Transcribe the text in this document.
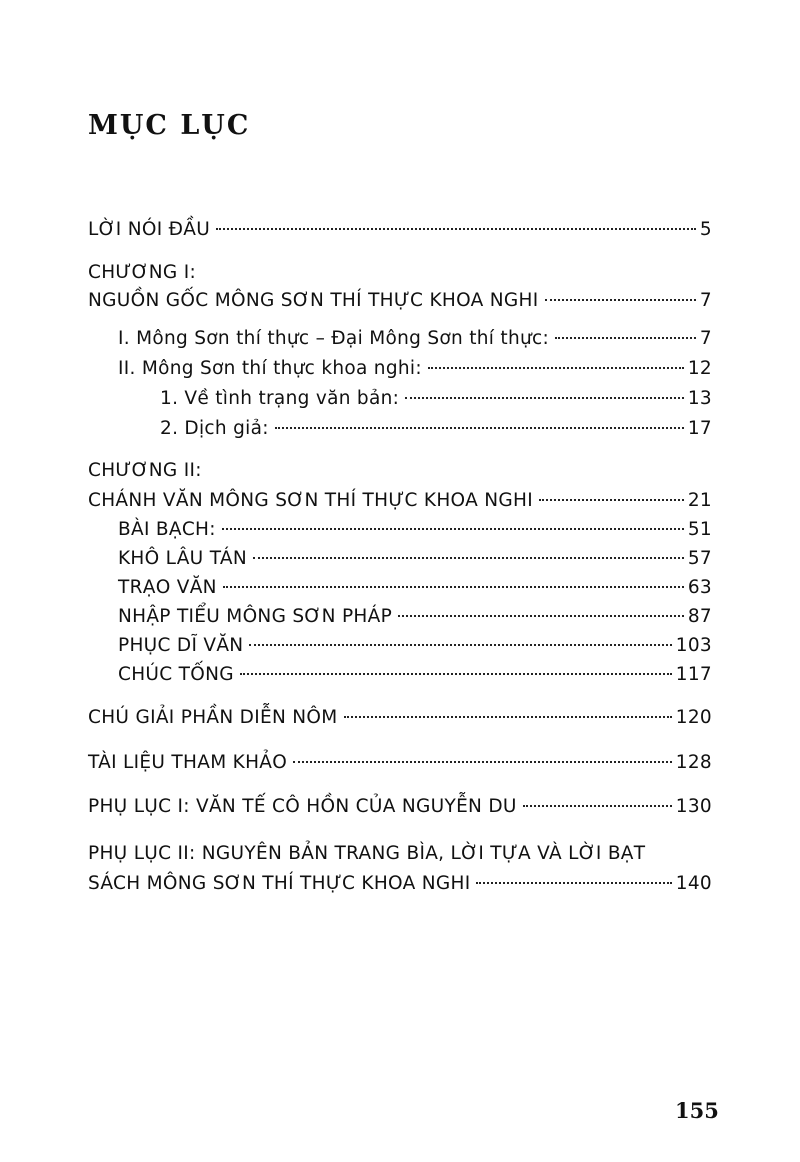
MỤC LỤC
LỜI NÓI ĐẦU	5
CHƯƠNG I:
NGUỒN GỐC MÔNG SƠN THÍ THỰC KHOA NGHI	7
I. Mông Sơn thí thực – Đại Mông Sơn thí thực:	7
II. Mông Sơn thí thực khoa nghi:	12
1. Về tình trạng văn bản:	13
2. Dịch giả:	17
CHƯƠNG II:
CHÁNH VĂN MÔNG SƠN THÍ THỰC KHOA NGHI	21
BÀI BẠCH:	51
KHÔ LÂU TÁN	57
TRẠO VĂN	63
NHẬP TIỂU MÔNG SƠN PHÁP	87
PHỤC DĨ VĂN	103
CHÚC TỐNG	117
CHÚ GIẢI PHẦN DIỄN NÔM	120
TÀI LIỆU THAM KHẢO	128
PHỤ LỤC I: VĂN TẾ CÔ HỒN CỦA NGUYỄN DU	130
PHỤ LỤC II: NGUYÊN BẢN TRANG BÌA, LỜI TỰA VÀ LỜI BẠT
SÁCH MÔNG SƠN THÍ THỰC KHOA NGHI	140
155
